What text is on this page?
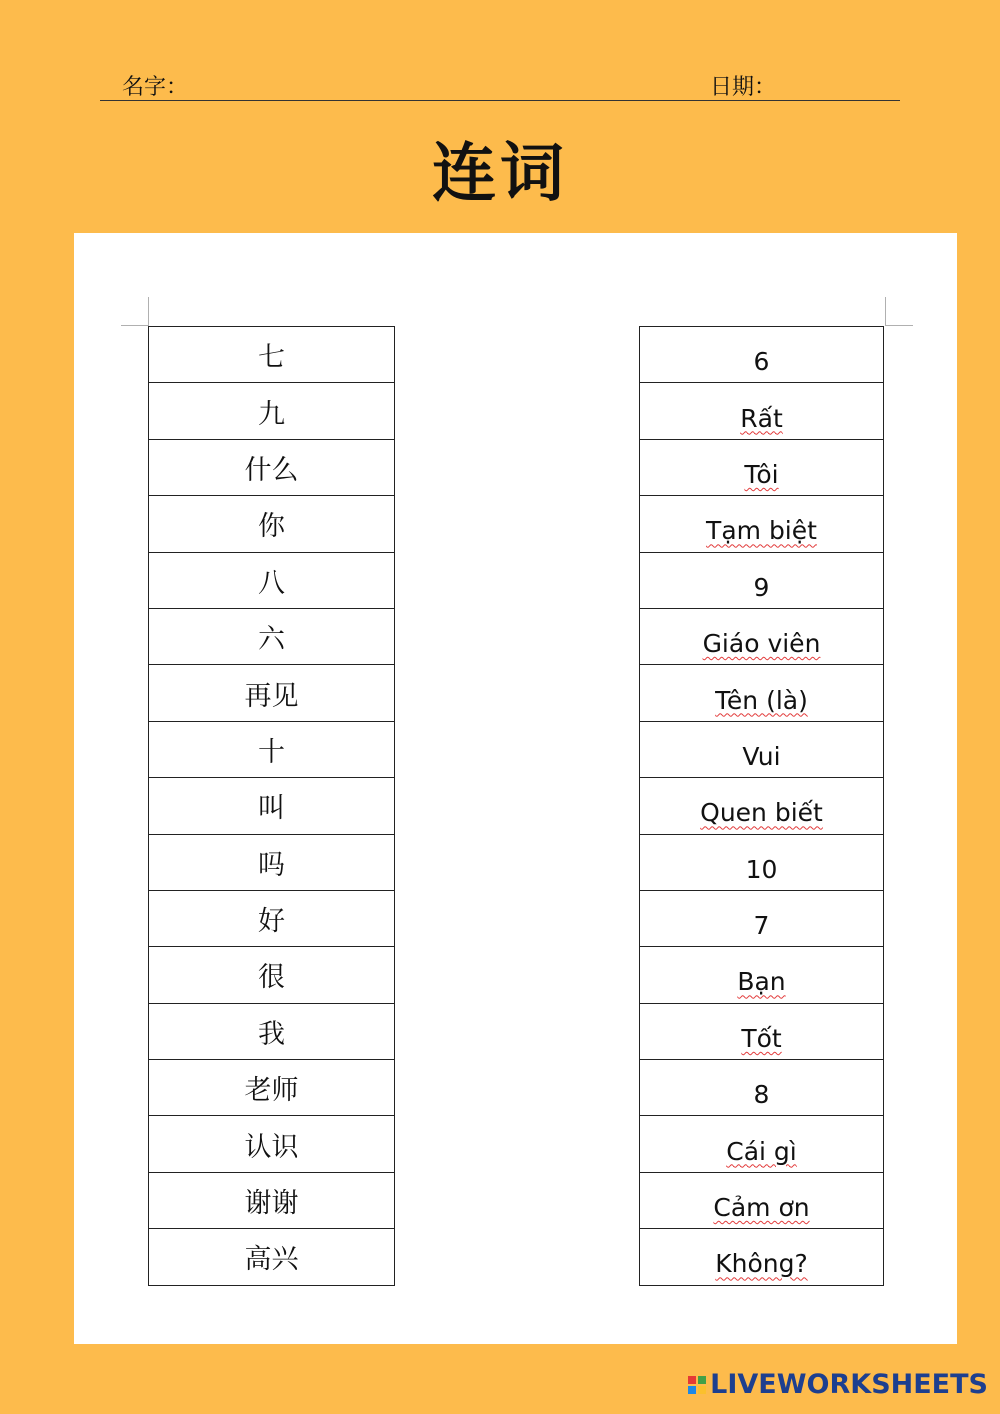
名字：	日期：
连词
七
九
什么
你
八
六
再见
十
叫
吗
好
很
我
老师
认识
谢谢
高兴
6
Rất
Tôi
Tạm biệt
9
Giáo viên
Tên (là)
Vui
Quen biết
10
7
Bạn
Tốt
8
Cái gì
Cảm ơn
Không?
LIVEWORKSHEETS
